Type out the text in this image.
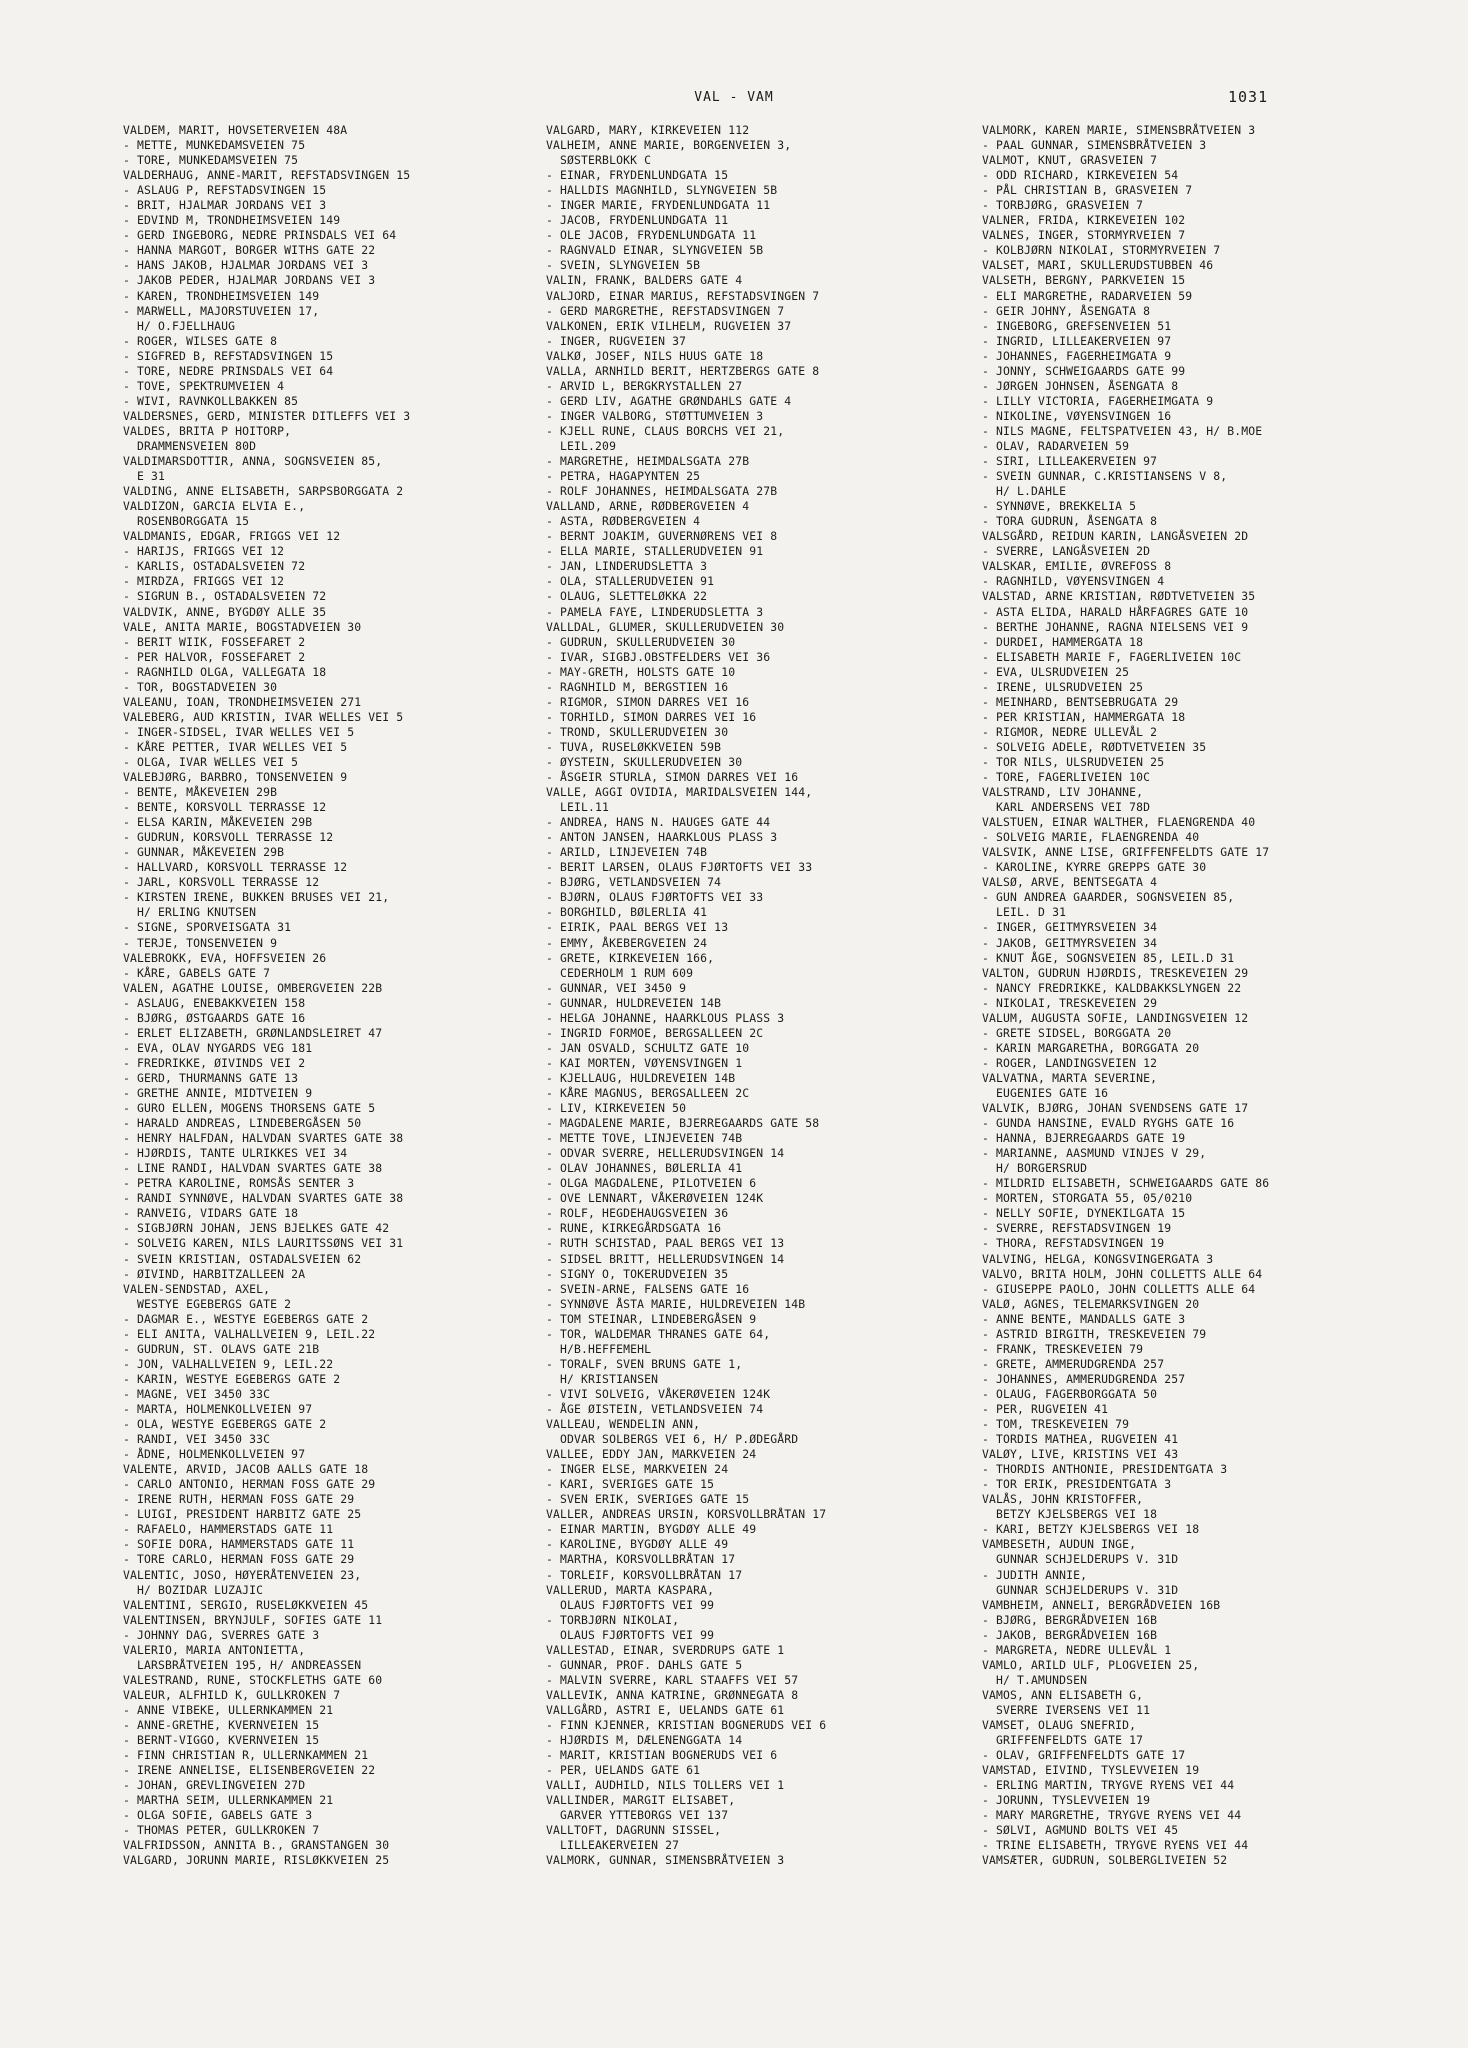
VAL - VAM	1031
VALDEM, MARIT, HOVSETERVEIEN 48A
- METTE, MUNKEDAMSVEIEN 75
- TORE, MUNKEDAMSVEIEN 75
VALDERHAUG, ANNE-MARIT, REFSTADSVINGEN 15
- ASLAUG P, REFSTADSVINGEN 15
- BRIT, HJALMAR JORDANS VEI 3
- EDVIND M, TRONDHEIMSVEIEN 149
- GERD INGEBORG, NEDRE PRINSDALS VEI 64
- HANNA MARGOT, BORGER WITHS GATE 22
- HANS JAKOB, HJALMAR JORDANS VEI 3
- JAKOB PEDER, HJALMAR JORDANS VEI 3
- KAREN, TRONDHEIMSVEIEN 149
- MARWELL, MAJORSTUVEIEN 17,
H/ O.FJELLHAUG
- ROGER, WILSES GATE 8
- SIGFRED B, REFSTADSVINGEN 15
- TORE, NEDRE PRINSDALS VEI 64
- TOVE, SPEKTRUMVEIEN 4
- WIVI, RAVNKOLLBAKKEN 85
VALDERSNES, GERD, MINISTER DITLEFFS VEI 3
VALDES, BRITA P HOITORP,
DRAMMENSVEIEN 80D
VALDIMARSDOTTIR, ANNA, SOGNSVEIEN 85,
E 31
VALDING, ANNE ELISABETH, SARPSBORGGATA 2
VALDIZON, GARCIA ELVIA E.,
ROSENBORGGATA 15
VALDMANIS, EDGAR, FRIGGS VEI 12
- HARIJS, FRIGGS VEI 12
- KARLIS, OSTADALSVEIEN 72
- MIRDZA, FRIGGS VEI 12
- SIGRUN B., OSTADALSVEIEN 72
VALDVIK, ANNE, BYGDØY ALLE 35
VALE, ANITA MARIE, BOGSTADVEIEN 30
- BERIT WIIK, FOSSEFARET 2
- PER HALVOR, FOSSEFARET 2
- RAGNHILD OLGA, VALLEGATA 18
- TOR, BOGSTADVEIEN 30
VALEANU, IOAN, TRONDHEIMSVEIEN 271
VALEBERG, AUD KRISTIN, IVAR WELLES VEI 5
- INGER-SIDSEL, IVAR WELLES VEI 5
- KÅRE PETTER, IVAR WELLES VEI 5
- OLGA, IVAR WELLES VEI 5
VALEBJØRG, BARBRO, TONSENVEIEN 9
- BENTE, MÅKEVEIEN 29B
- BENTE, KORSVOLL TERRASSE 12
- ELSA KARIN, MÅKEVEIEN 29B
- GUDRUN, KORSVOLL TERRASSE 12
- GUNNAR, MÅKEVEIEN 29B
- HALLVARD, KORSVOLL TERRASSE 12
- JARL, KORSVOLL TERRASSE 12
- KIRSTEN IRENE, BUKKEN BRUSES VEI 21,
H/ ERLING KNUTSEN
- SIGNE, SPORVEISGATA 31
- TERJE, TONSENVEIEN 9
VALEBROKK, EVA, HOFFSVEIEN 26
- KÅRE, GABELS GATE 7
VALEN, AGATHE LOUISE, OMBERGVEIEN 22B
- ASLAUG, ENEBAKKVEIEN 158
- BJØRG, ØSTGAARDS GATE 16
- ERLET ELIZABETH, GRØNLANDSLEIRET 47
- EVA, OLAV NYGARDS VEG 181
- FREDRIKKE, ØIVINDS VEI 2
- GERD, THURMANNS GATE 13
- GRETHE ANNIE, MIDTVEIEN 9
- GURO ELLEN, MOGENS THORSENS GATE 5
- HARALD ANDREAS, LINDEBERGÅSEN 50
- HENRY HALFDAN, HALVDAN SVARTES GATE 38
- HJØRDIS, TANTE ULRIKKES VEI 34
- LINE RANDI, HALVDAN SVARTES GATE 38
- PETRA KAROLINE, ROMSÅS SENTER 3
- RANDI SYNNØVE, HALVDAN SVARTES GATE 38
- RANVEIG, VIDARS GATE 18
- SIGBJØRN JOHAN, JENS BJELKES GATE 42
- SOLVEIG KAREN, NILS LAURITSSØNS VEI 31
- SVEIN KRISTIAN, OSTADALSVEIEN 62
- ØIVIND, HARBITZALLEEN 2A
VALEN-SENDSTAD, AXEL,
WESTYE EGEBERGS GATE 2
- DAGMAR E., WESTYE EGEBERGS GATE 2
- ELI ANITA, VALHALLVEIEN 9, LEIL.22
- GUDRUN, ST. OLAVS GATE 21B
- JON, VALHALLVEIEN 9, LEIL.22
- KARIN, WESTYE EGEBERGS GATE 2
- MAGNE, VEI 3450 33C
- MARTA, HOLMENKOLLVEIEN 97
- OLA, WESTYE EGEBERGS GATE 2
- RANDI, VEI 3450 33C
- ÅDNE, HOLMENKOLLVEIEN 97
VALENTE, ARVID, JACOB AALLS GATE 18
- CARLO ANTONIO, HERMAN FOSS GATE 29
- IRENE RUTH, HERMAN FOSS GATE 29
- LUIGI, PRESIDENT HARBITZ GATE 25
- RAFAELO, HAMMERSTADS GATE 11
- SOFIE DORA, HAMMERSTADS GATE 11
- TORE CARLO, HERMAN FOSS GATE 29
VALENTIC, JOSO, HØYERÅTENVEIEN 23,
H/ BOZIDAR LUZAJIC
VALENTINI, SERGIO, RUSELØKKVEIEN 45
VALENTINSEN, BRYNJULF, SOFIES GATE 11
- JOHNNY DAG, SVERRES GATE 3
VALERIO, MARIA ANTONIETTA,
LARSBRÅTVEIEN 195, H/ ANDREASSEN
VALESTRAND, RUNE, STOCKFLETHS GATE 60
VALEUR, ALFHILD K, GULLKROKEN 7
- ANNE VIBEKE, ULLERNKAMMEN 21
- ANNE-GRETHE, KVERNVEIEN 15
- BERNT-VIGGO, KVERNVEIEN 15
- FINN CHRISTIAN R, ULLERNKAMMEN 21
- IRENE ANNELISE, ELISENBERGVEIEN 22
- JOHAN, GREVLINGVEIEN 27D
- MARTHA SEIM, ULLERNKAMMEN 21
- OLGA SOFIE, GABELS GATE 3
- THOMAS PETER, GULLKROKEN 7
VALFRIDSSON, ANNITA B., GRANSTANGEN 30
VALGARD, JORUNN MARIE, RISLØKKVEIEN 25
VALGARD, MARY, KIRKEVEIEN 112
VALHEIM, ANNE MARIE, BORGENVEIEN 3,
SØSTERBLOKK C
- EINAR, FRYDENLUNDGATA 15
- HALLDIS MAGNHILD, SLYNGVEIEN 5B
- INGER MARIE, FRYDENLUNDGATA 11
- JACOB, FRYDENLUNDGATA 11
- OLE JACOB, FRYDENLUNDGATA 11
- RAGNVALD EINAR, SLYNGVEIEN 5B
- SVEIN, SLYNGVEIEN 5B
VALIN, FRANK, BALDERS GATE 4
VALJORD, EINAR MARIUS, REFSTADSVINGEN 7
- GERD MARGRETHE, REFSTADSVINGEN 7
VALKONEN, ERIK VILHELM, RUGVEIEN 37
- INGER, RUGVEIEN 37
VALKØ, JOSEF, NILS HUUS GATE 18
VALLA, ARNHILD BERIT, HERTZBERGS GATE 8
- ARVID L, BERGKRYSTALLEN 27
- GERD LIV, AGATHE GRØNDAHLS GATE 4
- INGER VALBORG, STØTTUMVEIEN 3
- KJELL RUNE, CLAUS BORCHS VEI 21,
LEIL.209
- MARGRETHE, HEIMDALSGATA 27B
- PETRA, HAGAPYNTEN 25
- ROLF JOHANNES, HEIMDALSGATA 27B
VALLAND, ARNE, RØDBERGVEIEN 4
- ASTA, RØDBERGVEIEN 4
- BERNT JOAKIM, GUVERNØRENS VEI 8
- ELLA MARIE, STALLERUDVEIEN 91
- JAN, LINDERUDSLETTA 3
- OLA, STALLERUDVEIEN 91
- OLAUG, SLETTELØKKA 22
- PAMELA FAYE, LINDERUDSLETTA 3
VALLDAL, GLUMER, SKULLERUDVEIEN 30
- GUDRUN, SKULLERUDVEIEN 30
- IVAR, SIGBJ.OBSTFELDERS VEI 36
- MAY-GRETH, HOLSTS GATE 10
- RAGNHILD M, BERGSTIEN 16
- RIGMOR, SIMON DARRES VEI 16
- TORHILD, SIMON DARRES VEI 16
- TROND, SKULLERUDVEIEN 30
- TUVA, RUSELØKKVEIEN 59B
- ØYSTEIN, SKULLERUDVEIEN 30
- ÅSGEIR STURLA, SIMON DARRES VEI 16
VALLE, AGGI OVIDIA, MARIDALSVEIEN 144,
LEIL.11
- ANDREA, HANS N. HAUGES GATE 44
- ANTON JANSEN, HAARKLOUS PLASS 3
- ARILD, LINJEVEIEN 74B
- BERIT LARSEN, OLAUS FJØRTOFTS VEI 33
- BJØRG, VETLANDSVEIEN 74
- BJØRN, OLAUS FJØRTOFTS VEI 33
- BORGHILD, BØLERLIA 41
- EIRIK, PAAL BERGS VEI 13
- EMMY, ÅKEBERGVEIEN 24
- GRETE, KIRKEVEIEN 166,
CEDERHOLM 1 RUM 609
- GUNNAR, VEI 3450 9
- GUNNAR, HULDREVEIEN 14B
- HELGA JOHANNE, HAARKLOUS PLASS 3
- INGRID FORMOE, BERGSALLEEN 2C
- JAN OSVALD, SCHULTZ GATE 10
- KAI MORTEN, VØYENSVINGEN 1
- KJELLAUG, HULDREVEIEN 14B
- KÅRE MAGNUS, BERGSALLEEN 2C
- LIV, KIRKEVEIEN 50
- MAGDALENE MARIE, BJERREGAARDS GATE 58
- METTE TOVE, LINJEVEIEN 74B
- ODVAR SVERRE, HELLERUDSVINGEN 14
- OLAV JOHANNES, BØLERLIA 41
- OLGA MAGDALENE, PILOTVEIEN 6
- OVE LENNART, VÅKERØVEIEN 124K
- ROLF, HEGDEHAUGSVEIEN 36
- RUNE, KIRKEGÅRDSGATA 16
- RUTH SCHISTAD, PAAL BERGS VEI 13
- SIDSEL BRITT, HELLERUDSVINGEN 14
- SIGNY O, TOKERUDVEIEN 35
- SVEIN-ARNE, FALSENS GATE 16
- SYNNØVE ÅSTA MARIE, HULDREVEIEN 14B
- TOM STEINAR, LINDEBERGÅSEN 9
- TOR, WALDEMAR THRANES GATE 64,
H/B.HEFFEMEHL
- TORALF, SVEN BRUNS GATE 1,
H/ KRISTIANSEN
- VIVI SOLVEIG, VÅKERØVEIEN 124K
- ÅGE ØISTEIN, VETLANDSVEIEN 74
VALLEAU, WENDELIN ANN,
ODVAR SOLBERGS VEI 6, H/ P.ØDEGÅRD
VALLEE, EDDY JAN, MARKVEIEN 24
- INGER ELSE, MARKVEIEN 24
- KARI, SVERIGES GATE 15
- SVEN ERIK, SVERIGES GATE 15
VALLER, ANDREAS URSIN, KORSVOLLBRÅTAN 17
- EINAR MARTIN, BYGDØY ALLE 49
- KAROLINE, BYGDØY ALLE 49
- MARTHA, KORSVOLLBRÅTAN 17
- TORLEIF, KORSVOLLBRÅTAN 17
VALLERUD, MARTA KASPARA,
OLAUS FJØRTOFTS VEI 99
- TORBJØRN NIKOLAI,
OLAUS FJØRTOFTS VEI 99
VALLESTAD, EINAR, SVERDRUPS GATE 1
- GUNNAR, PROF. DAHLS GATE 5
- MALVIN SVERRE, KARL STAAFFS VEI 57
VALLEVIK, ANNA KATRINE, GRØNNEGATA 8
VALLGÅRD, ASTRI E, UELANDS GATE 61
- FINN KJENNER, KRISTIAN BOGNERUDS VEI 6
- HJØRDIS M, DÆLENENGGATA 14
- MARIT, KRISTIAN BOGNERUDS VEI 6
- PER, UELANDS GATE 61
VALLI, AUDHILD, NILS TOLLERS VEI 1
VALLINDER, MARGIT ELISABET,
GARVER YTTEBORGS VEI 137
VALLTOFT, DAGRUNN SISSEL,
LILLEAKERVEIEN 27
VALMORK, GUNNAR, SIMENSBRÅTVEIEN 3
VALMORK, KAREN MARIE, SIMENSBRÅTVEIEN 3
- PAAL GUNNAR, SIMENSBRÅTVEIEN 3
VALMOT, KNUT, GRASVEIEN 7
- ODD RICHARD, KIRKEVEIEN 54
- PÅL CHRISTIAN B, GRASVEIEN 7
- TORBJØRG, GRASVEIEN 7
VALNER, FRIDA, KIRKEVEIEN 102
VALNES, INGER, STORMYRVEIEN 7
- KOLBJØRN NIKOLAI, STORMYRVEIEN 7
VALSET, MARI, SKULLERUDSTUBBEN 46
VALSETH, BERGNY, PARKVEIEN 15
- ELI MARGRETHE, RADARVEIEN 59
- GEIR JOHNY, ÅSENGATA 8
- INGEBORG, GREFSENVEIEN 51
- INGRID, LILLEAKERVEIEN 97
- JOHANNES, FAGERHEIMGATA 9
- JONNY, SCHWEIGAARDS GATE 99
- JØRGEN JOHNSEN, ÅSENGATA 8
- LILLY VICTORIA, FAGERHEIMGATA 9
- NIKOLINE, VØYENSVINGEN 16
- NILS MAGNE, FELTSPATVEIEN 43, H/ B.MOE
- OLAV, RADARVEIEN 59
- SIRI, LILLEAKERVEIEN 97
- SVEIN GUNNAR, C.KRISTIANSENS V 8,
H/ L.DAHLE
- SYNNØVE, BREKKELIA 5
- TORA GUDRUN, ÅSENGATA 8
VALSGÅRD, REIDUN KARIN, LANGÅSVEIEN 2D
- SVERRE, LANGÅSVEIEN 2D
VALSKAR, EMILIE, ØVREFOSS 8
- RAGNHILD, VØYENSVINGEN 4
VALSTAD, ARNE KRISTIAN, RØDTVETVEIEN 35
- ASTA ELIDA, HARALD HÅRFAGRES GATE 10
- BERTHE JOHANNE, RAGNA NIELSENS VEI 9
- DURDEI, HAMMERGATA 18
- ELISABETH MARIE F, FAGERLIVEIEN 10C
- EVA, ULSRUDVEIEN 25
- IRENE, ULSRUDVEIEN 25
- MEINHARD, BENTSEBRUGATA 29
- PER KRISTIAN, HAMMERGATA 18
- RIGMOR, NEDRE ULLEVÅL 2
- SOLVEIG ADELE, RØDTVETVEIEN 35
- TOR NILS, ULSRUDVEIEN 25
- TORE, FAGERLIVEIEN 10C
VALSTRAND, LIV JOHANNE,
KARL ANDERSENS VEI 78D
VALSTUEN, EINAR WALTHER, FLAENGRENDA 40
- SOLVEIG MARIE, FLAENGRENDA 40
VALSVIK, ANNE LISE, GRIFFENFELDTS GATE 17
- KAROLINE, KYRRE GREPPS GATE 30
VALSØ, ARVE, BENTSEGATA 4
- GUN ANDREA GAARDER, SOGNSVEIEN 85,
LEIL. D 31
- INGER, GEITMYRSVEIEN 34
- JAKOB, GEITMYRSVEIEN 34
- KNUT ÅGE, SOGNSVEIEN 85, LEIL.D 31
VALTON, GUDRUN HJØRDIS, TRESKEVEIEN 29
- NANCY FREDRIKKE, KALDBAKKSLYNGEN 22
- NIKOLAI, TRESKEVEIEN 29
VALUM, AUGUSTA SOFIE, LANDINGSVEIEN 12
- GRETE SIDSEL, BORGGATA 20
- KARIN MARGARETHA, BORGGATA 20
- ROGER, LANDINGSVEIEN 12
VALVATNA, MARTA SEVERINE,
EUGENIES GATE 16
VALVIK, BJØRG, JOHAN SVENDSENS GATE 17
- GUNDA HANSINE, EVALD RYGHS GATE 16
- HANNA, BJERREGAARDS GATE 19
- MARIANNE, AASMUND VINJES V 29,
H/ BORGERSRUD
- MILDRID ELISABETH, SCHWEIGAARDS GATE 86
- MORTEN, STORGATA 55, 05/0210
- NELLY SOFIE, DYNEKILGATA 15
- SVERRE, REFSTADSVINGEN 19
- THORA, REFSTADSVINGEN 19
VALVING, HELGA, KONGSVINGERGATA 3
VALVO, BRITA HOLM, JOHN COLLETTS ALLE 64
- GIUSEPPE PAOLO, JOHN COLLETTS ALLE 64
VALØ, AGNES, TELEMARKSVINGEN 20
- ANNE BENTE, MANDALLS GATE 3
- ASTRID BIRGITH, TRESKEVEIEN 79
- FRANK, TRESKEVEIEN 79
- GRETE, AMMERUDGRENDA 257
- JOHANNES, AMMERUDGRENDA 257
- OLAUG, FAGERBORGGATA 50
- PER, RUGVEIEN 41
- TOM, TRESKEVEIEN 79
- TORDIS MATHEA, RUGVEIEN 41
VALØY, LIVE, KRISTINS VEI 43
- THORDIS ANTHONIE, PRESIDENTGATA 3
- TOR ERIK, PRESIDENTGATA 3
VALÅS, JOHN KRISTOFFER,
BETZY KJELSBERGS VEI 18
- KARI, BETZY KJELSBERGS VEI 18
VAMBESETH, AUDUN INGE,
GUNNAR SCHJELDERUPS V. 31D
- JUDITH ANNIE,
GUNNAR SCHJELDERUPS V. 31D
VAMBHEIM, ANNELI, BERGRÅDVEIEN 16B
- BJØRG, BERGRÅDVEIEN 16B
- JAKOB, BERGRÅDVEIEN 16B
- MARGRETA, NEDRE ULLEVÅL 1
VAMLO, ARILD ULF, PLOGVEIEN 25,
H/ T.AMUNDSEN
VAMOS, ANN ELISABETH G,
SVERRE IVERSENS VEI 11
VAMSET, OLAUG SNEFRID,
GRIFFENFELDTS GATE 17
- OLAV, GRIFFENFELDTS GATE 17
VAMSTAD, EIVIND, TYSLEVVEIEN 19
- ERLING MARTIN, TRYGVE RYENS VEI 44
- JORUNN, TYSLEVVEIEN 19
- MARY MARGRETHE, TRYGVE RYENS VEI 44
- SØLVI, AGMUND BOLTS VEI 45
- TRINE ELISABETH, TRYGVE RYENS VEI 44
VAMSÆTER, GUDRUN, SOLBERGLIVEIEN 52
